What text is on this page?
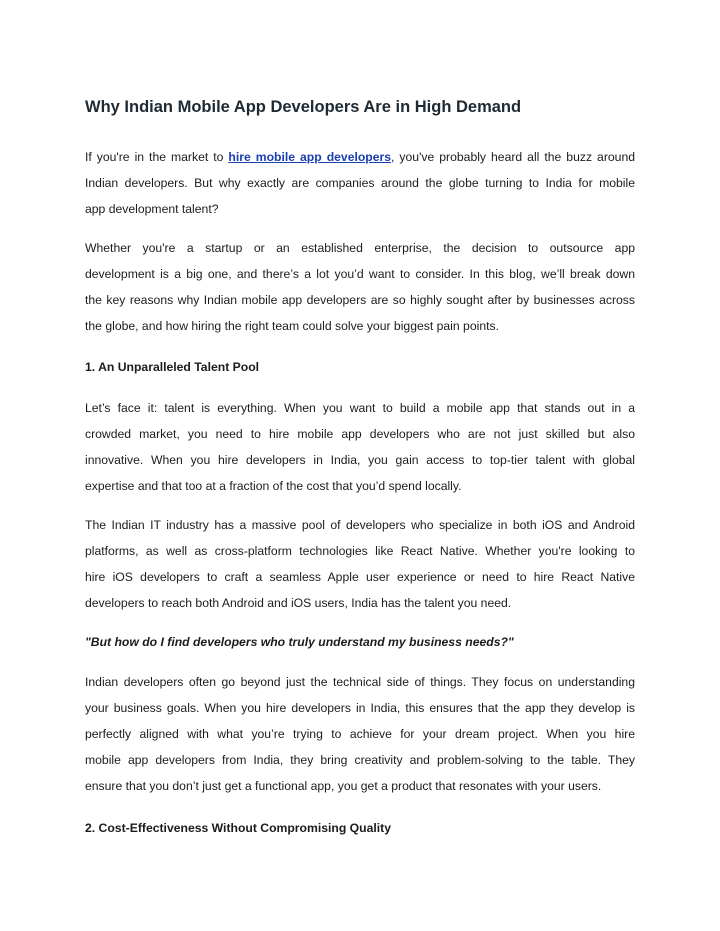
Why Indian Mobile App Developers Are in High Demand
If you're in the market to hire mobile app developers, you've probably heard all the buzz around
Indian developers. But why exactly are companies around the globe turning to India for mobile
app development talent?
Whether you're a startup or an established enterprise, the decision to outsource app
development is a big one, and there’s a lot you’d want to consider. In this blog, we’ll break down
the key reasons why Indian mobile app developers are so highly sought after by businesses across
the globe, and how hiring the right team could solve your biggest pain points.

1. An Unparalleled Talent Pool

Let’s face it: talent is everything. When you want to build a mobile app that stands out in a
crowded market, you need to hire mobile app developers who are not just skilled but also
innovative. When you hire developers in India, you gain access to top-tier talent with global
expertise and that too at a fraction of the cost that you’d spend locally.
The Indian IT industry has a massive pool of developers who specialize in both iOS and Android
platforms, as well as cross-platform technologies like React Native. Whether you're looking to
hire iOS developers to craft a seamless Apple user experience or need to hire React Native
developers to reach both Android and iOS users, India has the talent you need.

"But how do I find developers who truly understand my business needs?"

Indian developers often go beyond just the technical side of things. They focus on understanding
your business goals. When you hire developers in India, this ensures that the app they develop is
perfectly aligned with what you’re trying to achieve for your dream project. When you hire
mobile app developers from India, they bring creativity and problem-solving to the table. They
ensure that you don’t just get a functional app, you get a product that resonates with your users.

2. Cost-Effectiveness Without Compromising Quality
